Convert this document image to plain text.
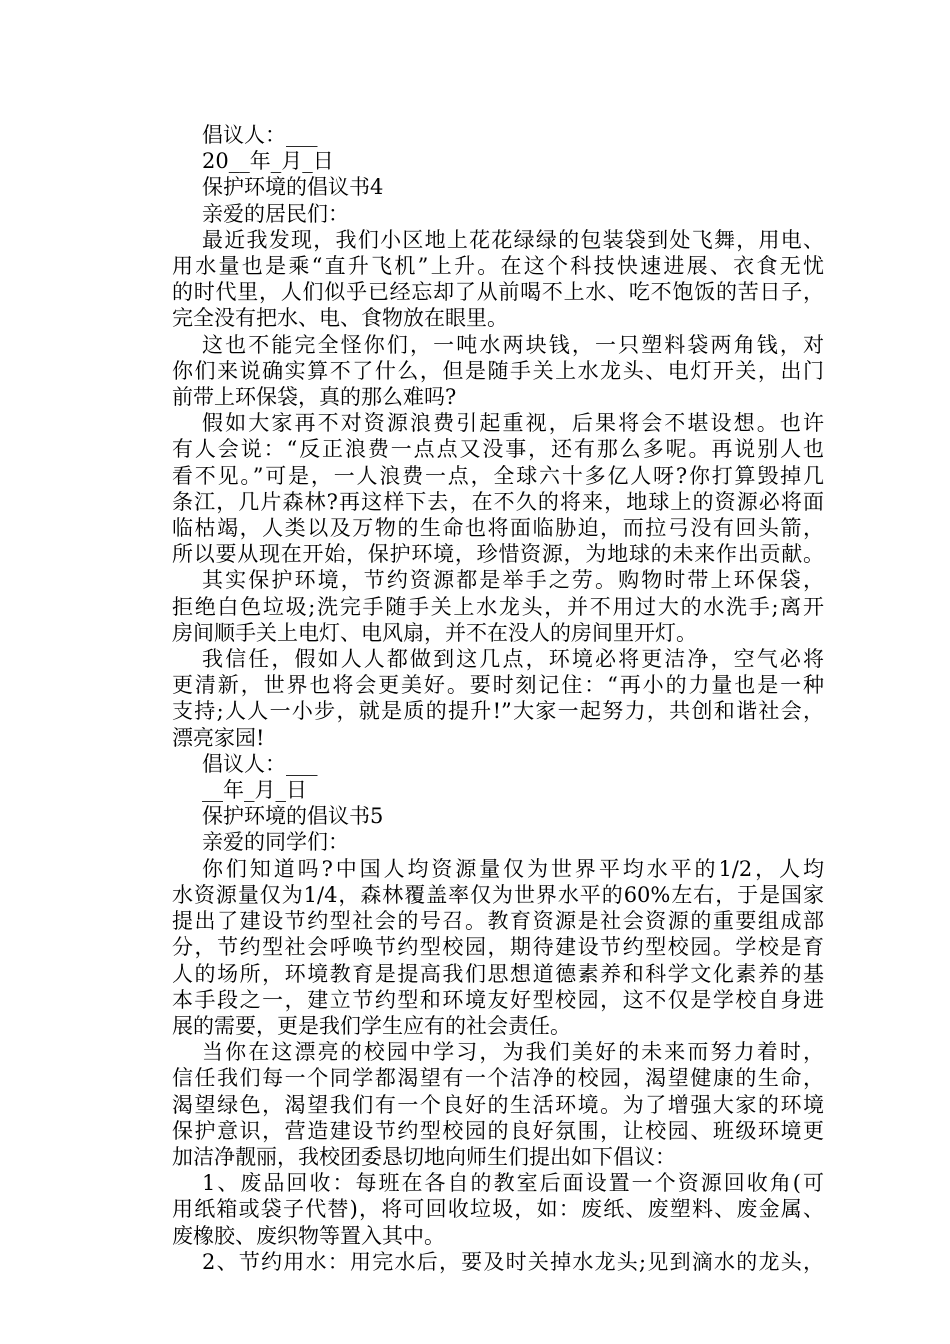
倡议人：___

20__年_月_日

保护环境的倡议书4

亲爱的居民们：

最近我发现，我们小区地上花花绿绿的包装袋到处飞舞，用电、

用水量也是乘“直升飞机”上升。在这个科技快速进展、衣食无忧

的时代里，人们似乎已经忘却了从前喝不上水、吃不饱饭的苦日子，

完全没有把水、电、食物放在眼里。

这也不能完全怪你们，一吨水两块钱，一只塑料袋两角钱，对

你们来说确实算不了什么，但是随手关上水龙头、电灯开关，出门

前带上环保袋，真的那么难吗?

假如大家再不对资源浪费引起重视，后果将会不堪设想。也许

有人会说：“反正浪费一点点又没事，还有那么多呢。再说别人也

看不见。”可是，一人浪费一点，全球六十多亿人呀?你打算毁掉几

条江，几片森林?再这样下去，在不久的将来，地球上的资源必将面

临枯竭，人类以及万物的生命也将面临胁迫，而拉弓没有回头箭，

所以要从现在开始，保护环境，珍惜资源，为地球的未来作出贡献。

其实保护环境，节约资源都是举手之劳。购物时带上环保袋，

拒绝白色垃圾;洗完手随手关上水龙头，并不用过大的水洗手;离开

房间顺手关上电灯、电风扇，并不在没人的房间里开灯。

我信任，假如人人都做到这几点，环境必将更洁净，空气必将

更清新，世界也将会更美好。要时刻记住：“再小的力量也是一种

支持;人人一小步，就是质的提升!”大家一起努力，共创和谐社会，

漂亮家园!

倡议人：___

__年_月_日

保护环境的倡议书5

亲爱的同学们：

你们知道吗?中国人均资源量仅为世界平均水平的1/2，人均

水资源量仅为1/4，森林覆盖率仅为世界水平的60%左右，于是国家

提出了建设节约型社会的号召。教育资源是社会资源的重要组成部

分，节约型社会呼唤节约型校园，期待建设节约型校园。学校是育

人的场所，环境教育是提高我们思想道德素养和科学文化素养的基

本手段之一，建立节约型和环境友好型校园，这不仅是学校自身进

展的需要，更是我们学生应有的社会责任。

当你在这漂亮的校园中学习，为我们美好的未来而努力着时，

信任我们每一个同学都渴望有一个洁净的校园，渴望健康的生命，

渴望绿色，渴望我们有一个良好的生活环境。为了增强大家的环境

保护意识，营造建设节约型校园的良好氛围，让校园、班级环境更

加洁净靓丽，我校团委恳切地向师生们提出如下倡议：

1、废品回收：每班在各自的教室后面设置一个资源回收角(可

用纸箱或袋子代替)，将可回收垃圾，如：废纸、废塑料、废金属、

废橡胶、废织物等置入其中。

2、节约用水：用完水后，要及时关掉水龙头;见到滴水的龙头，
